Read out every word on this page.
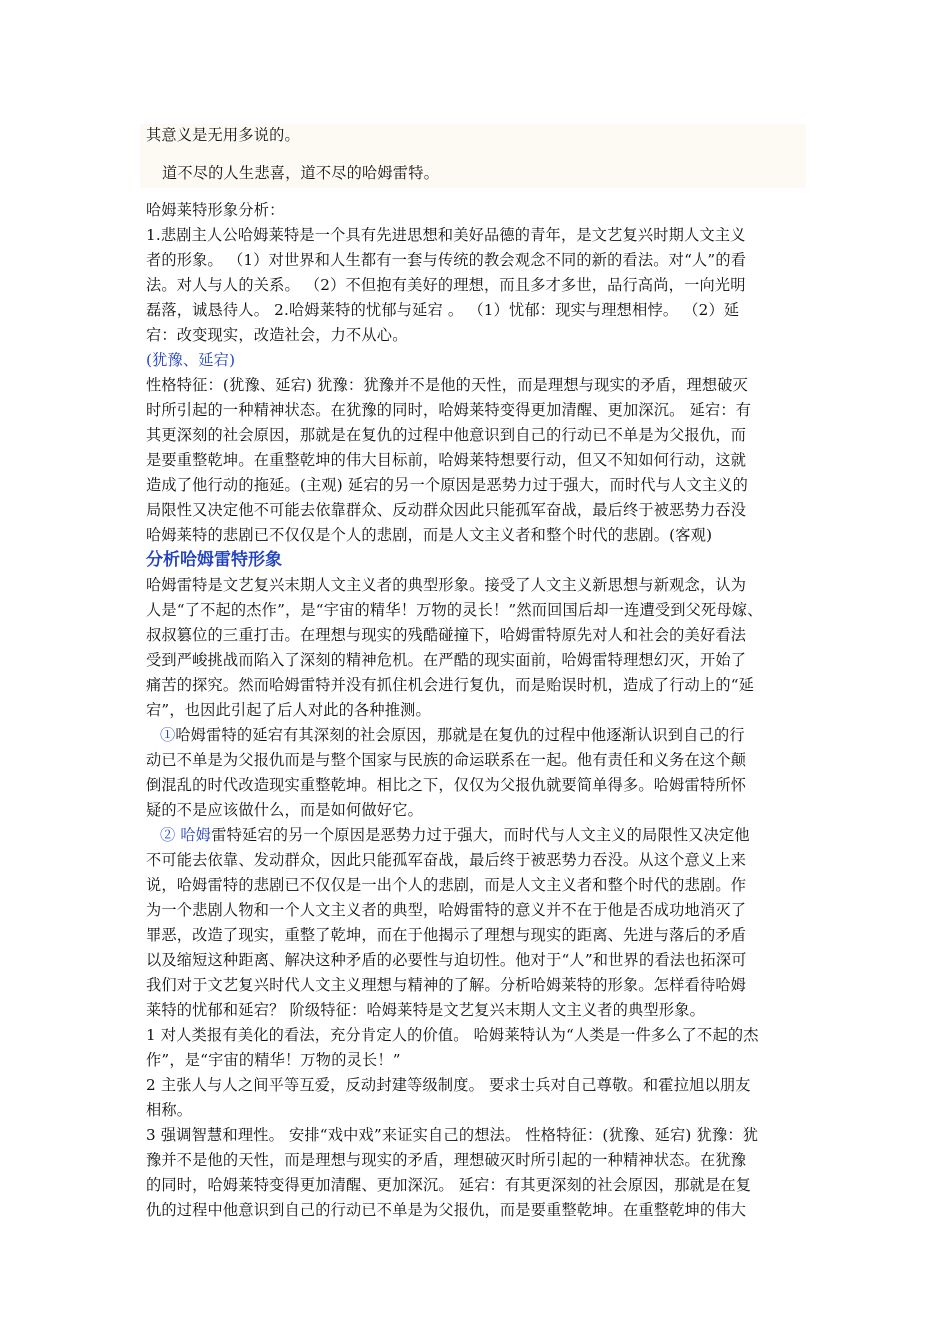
其意义是无用多说的。
道不尽的人生悲喜，道不尽的哈姆雷特。
哈姆莱特形象分析：
1.悲剧主人公哈姆莱特是一个具有先进思想和美好品德的青年，是文艺复兴时期人文主义
者的形象。 （1）对世界和人生都有一套与传统的教会观念不同的新的看法。对“人”的看
法。对人与人的关系。 （2）不但抱有美好的理想，而且多才多世，品行高尚，一向光明
磊落，诚恳待人。 2.哈姆莱特的忧郁与延宕 。 （1）忧郁：现实与理想相悖。 （2）延
宕：改变现实，改造社会，力不从心。
(犹豫、延宕)
性格特征：(犹豫、延宕) 犹豫：犹豫并不是他的天性，而是理想与现实的矛盾，理想破灭
时所引起的一种精神状态。在犹豫的同时，哈姆莱特变得更加清醒、更加深沉。 延宕：有
其更深刻的社会原因，那就是在复仇的过程中他意识到自己的行动已不单是为父报仇，而
是要重整乾坤。在重整乾坤的伟大目标前，哈姆莱特想要行动，但又不知如何行动，这就
造成了他行动的拖延。(主观) 延宕的另一个原因是恶势力过于强大，而时代与人文主义的
局限性又决定他不可能去依靠群众、反动群众因此只能孤军奋战，最后终于被恶势力吞没
哈姆莱特的悲剧已不仅仅是个人的悲剧，而是人文主义者和整个时代的悲剧。(客观)
分析哈姆雷特形象
哈姆雷特是文艺复兴末期人文主义者的典型形象。接受了人文主义新思想与新观念，认为
人是“了不起的杰作”，是“宇宙的精华！万物的灵长！”然而回国后却一连遭受到父死母嫁、
叔叔篡位的三重打击。在理想与现实的残酷碰撞下，哈姆雷特原先对人和社会的美好看法
受到严峻挑战而陷入了深刻的精神危机。在严酷的现实面前，哈姆雷特理想幻灭，开始了
痛苦的探究。然而哈姆雷特并没有抓住机会进行复仇，而是贻误时机，造成了行动上的“延
宕”，也因此引起了后人对此的各种推测。
①哈姆雷特的延宕有其深刻的社会原因，那就是在复仇的过程中他逐渐认识到自己的行
动已不单是为父报仇而是与整个国家与民族的命运联系在一起。他有责任和义务在这个颠
倒混乱的时代改造现实重整乾坤。相比之下，仅仅为父报仇就要简单得多。哈姆雷特所怀
疑的不是应该做什么，而是如何做好它。
② 哈姆雷特延宕的另一个原因是恶势力过于强大，而时代与人文主义的局限性又决定他
不可能去依靠、发动群众，因此只能孤军奋战，最后终于被恶势力吞没。从这个意义上来
说，哈姆雷特的悲剧已不仅仅是一出个人的悲剧，而是人文主义者和整个时代的悲剧。作
为一个悲剧人物和一个人文主义者的典型，哈姆雷特的意义并不在于他是否成功地消灭了
罪恶，改造了现实，重整了乾坤，而在于他揭示了理想与现实的距离、先进与落后的矛盾
以及缩短这种距离、解决这种矛盾的必要性与迫切性。他对于“人”和世界的看法也拓深可
我们对于文艺复兴时代人文主义理想与精神的了解。分析哈姆莱特的形象。怎样看待哈姆
莱特的忧郁和延宕？ 阶级特征：哈姆莱特是文艺复兴末期人文主义者的典型形象。
1 对人类报有美化的看法，充分肯定人的价值。 哈姆莱特认为“人类是一件多么了不起的杰
作”，是“宇宙的精华！万物的灵长！”
2 主张人与人之间平等互爱，反动封建等级制度。 要求士兵对自己尊敬。和霍拉旭以朋友
相称。
3 强调智慧和理性。 安排“戏中戏”来证实自己的想法。 性格特征：(犹豫、延宕) 犹豫：犹
豫并不是他的天性，而是理想与现实的矛盾，理想破灭时所引起的一种精神状态。在犹豫
的同时，哈姆莱特变得更加清醒、更加深沉。 延宕：有其更深刻的社会原因，那就是在复
仇的过程中他意识到自己的行动已不单是为父报仇，而是要重整乾坤。在重整乾坤的伟大
